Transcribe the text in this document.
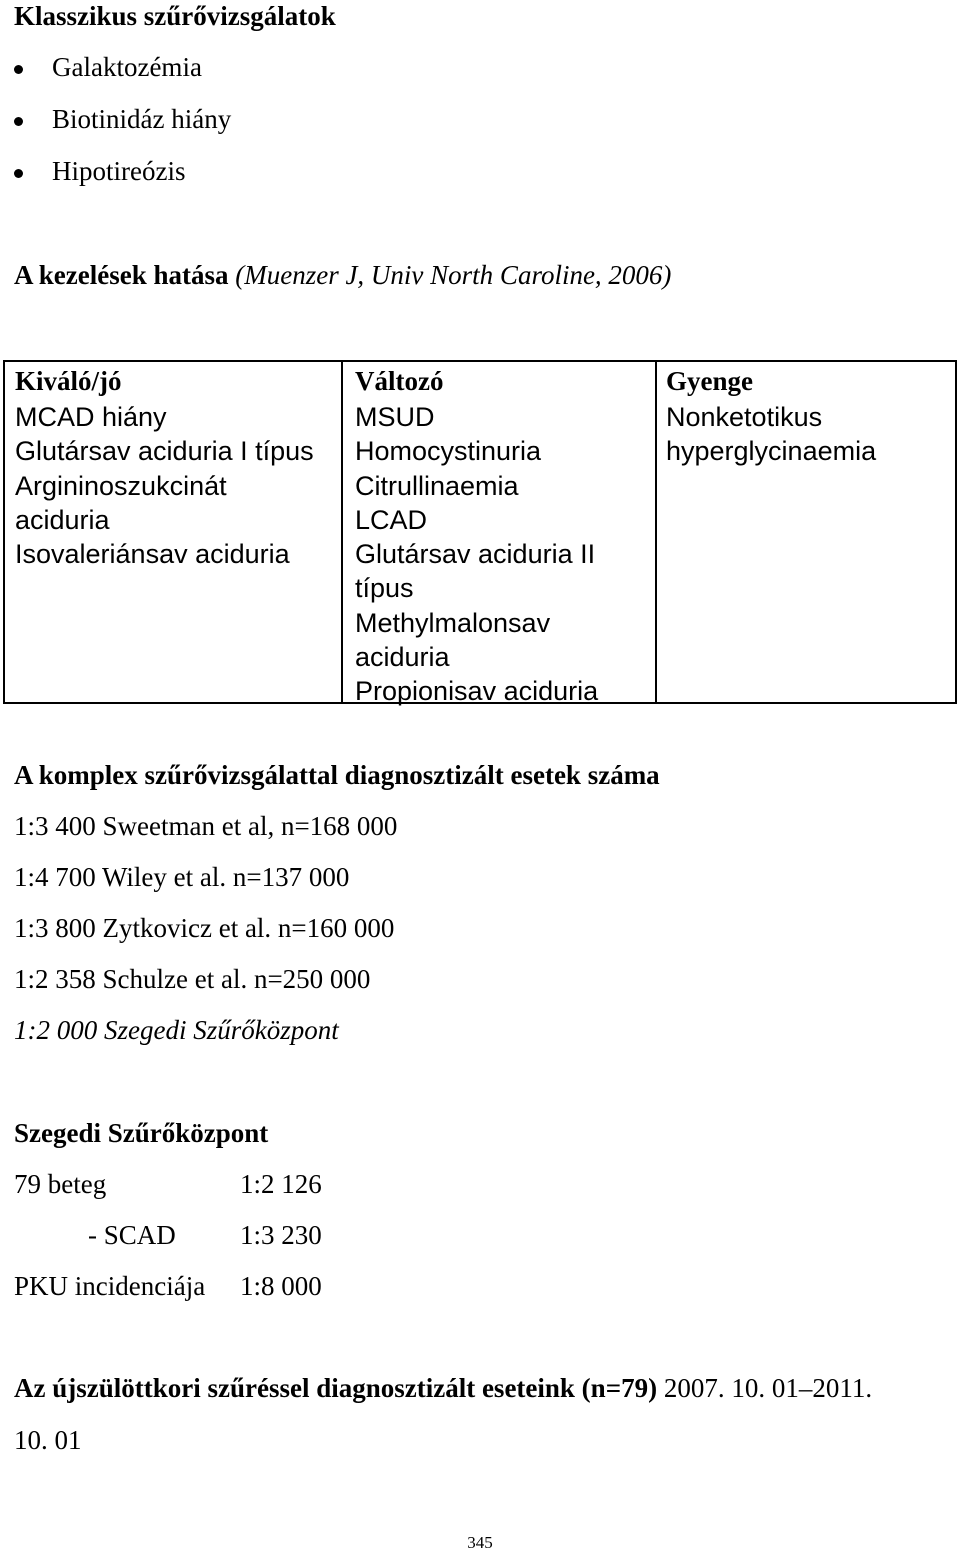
Klasszikus szűrővizsgálatok
Galaktozémia
Biotinidáz hiány
Hipotireózis
A kezelések hatása (Muenzer J, Univ North Caroline, 2006)
Kiváló/jó
MCAD hiány
Glutársav aciduria I típus
Argininoszukcinát
aciduria
Isovaleriánsav aciduria
Változó
MSUD
Homocystinuria
Citrullinaemia
LCAD
Glutársav aciduria II
típus
Methylmalonsav
aciduria
Propionisav aciduria
Gyenge
Nonketotikus
hyperglycinaemia
A komplex szűrővizsgálattal diagnosztizált esetek száma
1:3 400 Sweetman et al, n=168 000
1:4 700 Wiley et al. n=137 000
1:3 800 Zytkovicz et al. n=160 000
1:2 358 Schulze et al. n=250 000
1:2 000 Szegedi Szűrőközpont
Szegedi Szűrőközpont
79 beteg	1:2 126
- SCAD 1:3 230
PKU incidenciája 1:8 000
Az újszülöttkori szűréssel diagnosztizált eseteink (n=79) 2007. 10. 01–2011.
10. 01
345
